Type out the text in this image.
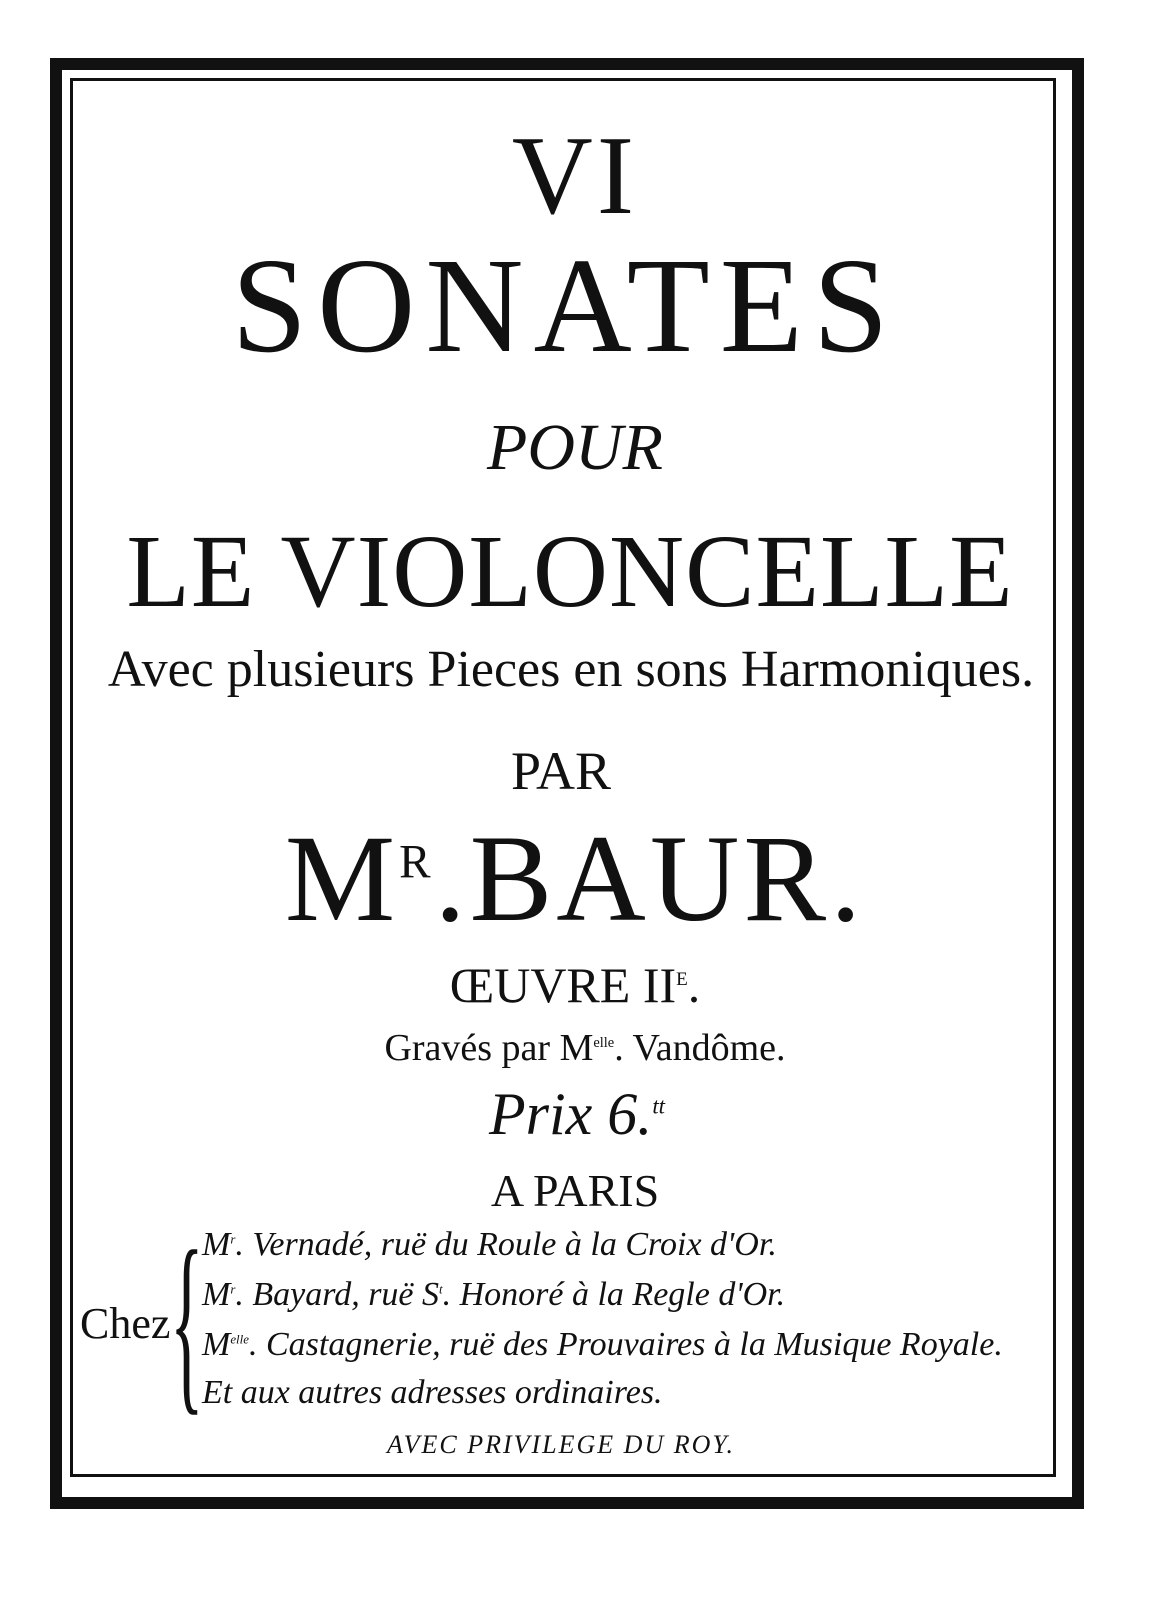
VI
SONATES
POUR
LE VIOLONCELLE
Avec plusieurs Pieces en sons Harmoniques.
PAR
$M^R.BAUR$.
ŒUVRE $II^E$.
Gravés par $M^{elle}$. Vandôme.
Prix 6.$^{tt}$
A PARIS
Chez {
$M^r$. Vernadé, ruë du Roule à la Croix d'Or.
$M^r$. Bayard, ruë $S^t$. Honoré à la Regle d'Or.
$M^{elle}$. Castagnerie, ruë des Prouvaires à la Musique Royale.
Et aux autres adresses ordinaires.
AVEC PRIVILEGE DU ROY.
